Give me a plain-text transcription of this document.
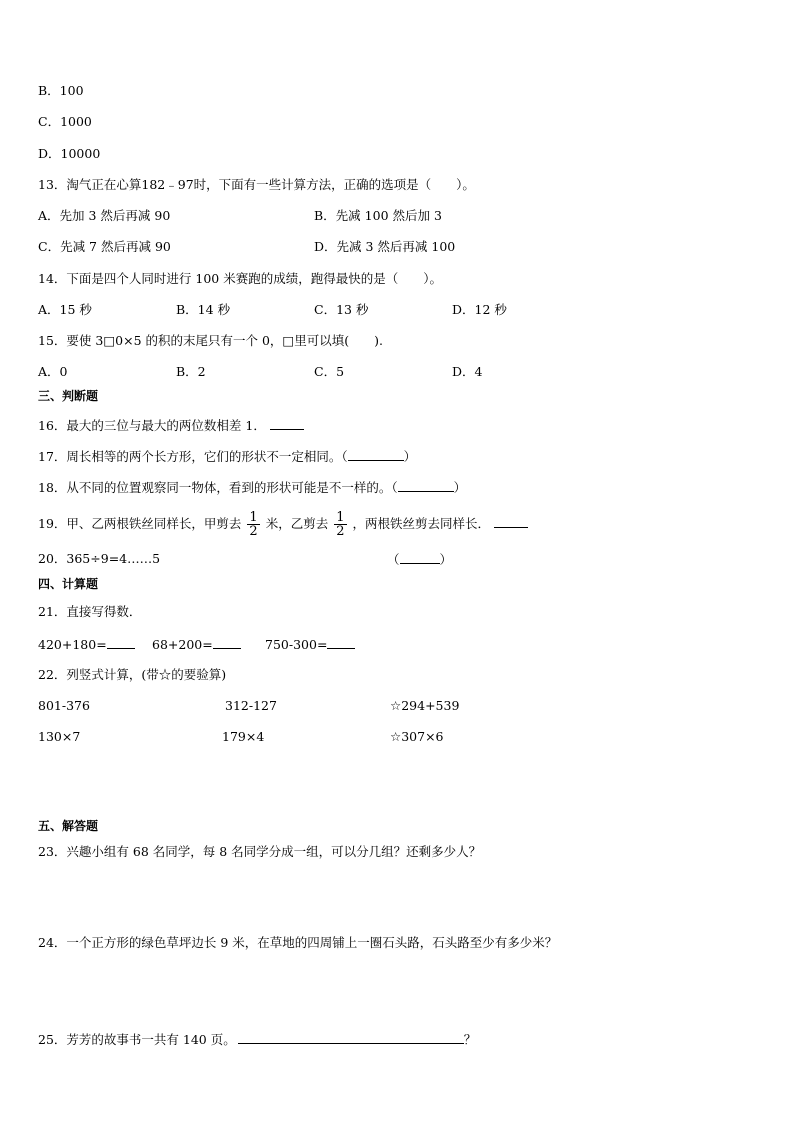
B．100
C．1000
D．10000
13．淘气正在心算182﹣97时，下面有一些计算方法，正确的选项是（　　）。
A．先加 3 然后再减 90	B．先减 100 然后加 3
C．先减 7 然后再减 90	D．先减 3 然后再减 100
14．下面是四个人同时进行 100 米赛跑的成绩，跑得最快的是（　　）。
A．15 秒	B．14 秒	C．13 秒	D．12 秒
15．要使 3□0×5 的积的末尾只有一个 0，□里可以填(　　).
A．0	B．2	C．5	D．4
三、判断题
16．最大的三位与最大的两位数相差 1．
17．周长相等的两个长方形，它们的形状不一定相同。（	）
18．从不同的位置观察同一物体，看到的形状可能是不一样的。（	）
19．甲、乙两根铁丝同样长，甲剪去 $\frac{1}{2}$ 米，乙剪去 $\frac{1}{2}$ ，两根铁丝剪去同样长．
20．365÷9=4……5	（	）
四、计算题
21．直接写得数．
420+180=	68+200=	750-300=
22．列竖式计算，(带☆的要验算)
801-376	312-127	☆294+539
130×7	179×4	☆307×6
五、解答题
23．兴趣小组有 68 名同学，每 8 名同学分成一组，可以分几组？还剩多少人？
24．一个正方形的绿色草坪边长 9 米，在草地的四周铺上一圈石头路，石头路至少有多少米？
25．芳芳的故事书一共有 140 页。	？
